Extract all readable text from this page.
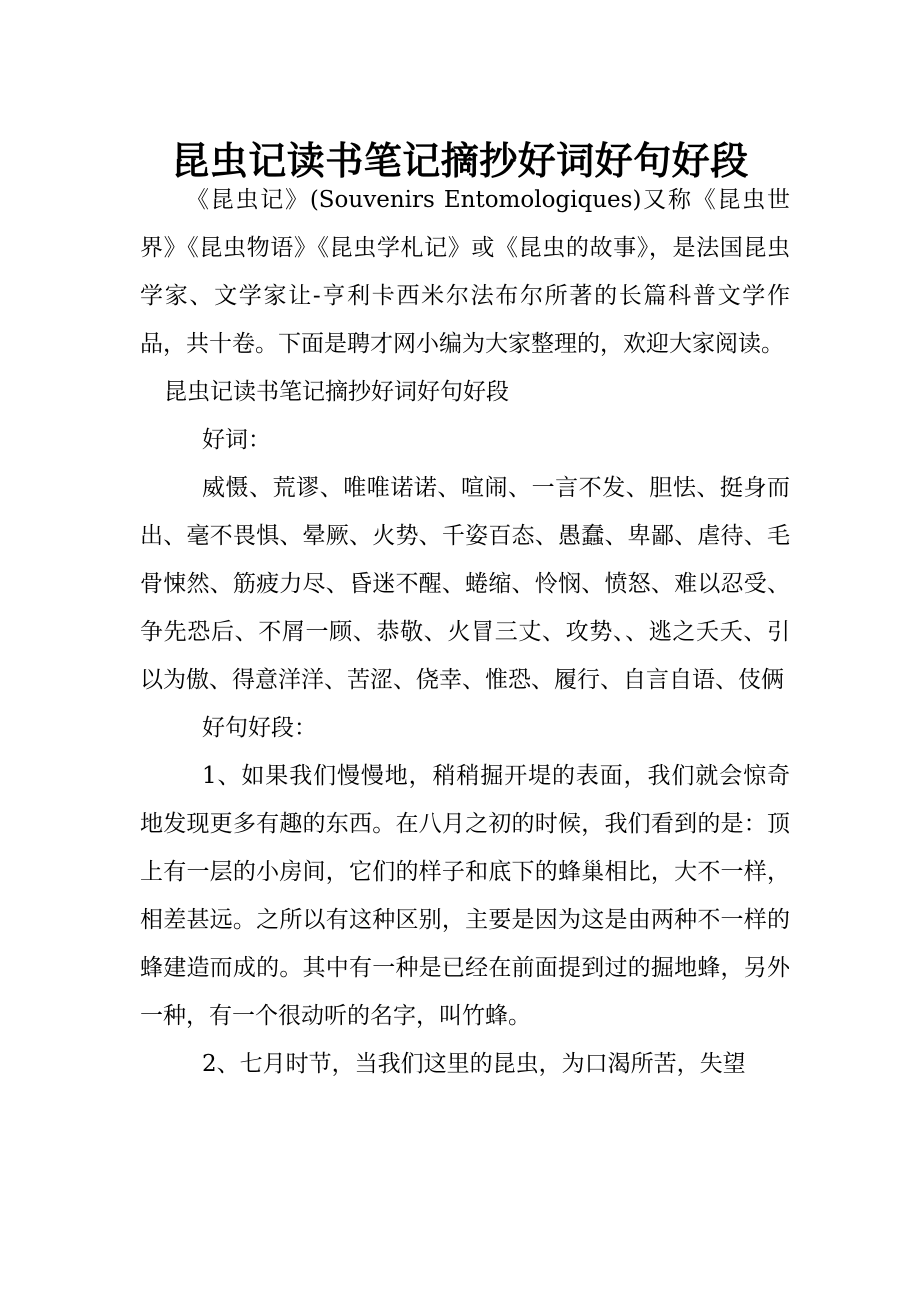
昆虫记读书笔记摘抄好词好句好段

《昆虫记》(Souvenirs Entomologiques)又称《昆虫世界》《昆虫物语》《昆虫学札记》或《昆虫的故事》，是法国昆虫学家、文学家让-亨利卡西米尔法布尔所著的长篇科普文学作品，共十卷。下面是聘才网小编为大家整理的，欢迎大家阅读。

昆虫记读书笔记摘抄好词好句好段

好词：

威慑、荒谬、唯唯诺诺、喧闹、一言不发、胆怯、挺身而出、毫不畏惧、晕厥、火势、千姿百态、愚蠢、卑鄙、虐待、毛骨悚然、筋疲力尽、昏迷不醒、蜷缩、怜悯、愤怒、难以忍受、争先恐后、不屑一顾、恭敬、火冒三丈、攻势、、逃之夭夭、引以为傲、得意洋洋、苦涩、侥幸、惟恐、履行、自言自语、伎俩

好句好段：

1、如果我们慢慢地，稍稍掘开堤的表面，我们就会惊奇地发现更多有趣的东西。在八月之初的时候，我们看到的是：顶上有一层的小房间，它们的样子和底下的蜂巢相比，大不一样，相差甚远。之所以有这种区别，主要是因为这是由两种不一样的蜂建造而成的。其中有一种是已经在前面提到过的掘地蜂，另外一种，有一个很动听的名字，叫竹蜂。

2、七月时节，当我们这里的昆虫，为口渴所苦，失望
